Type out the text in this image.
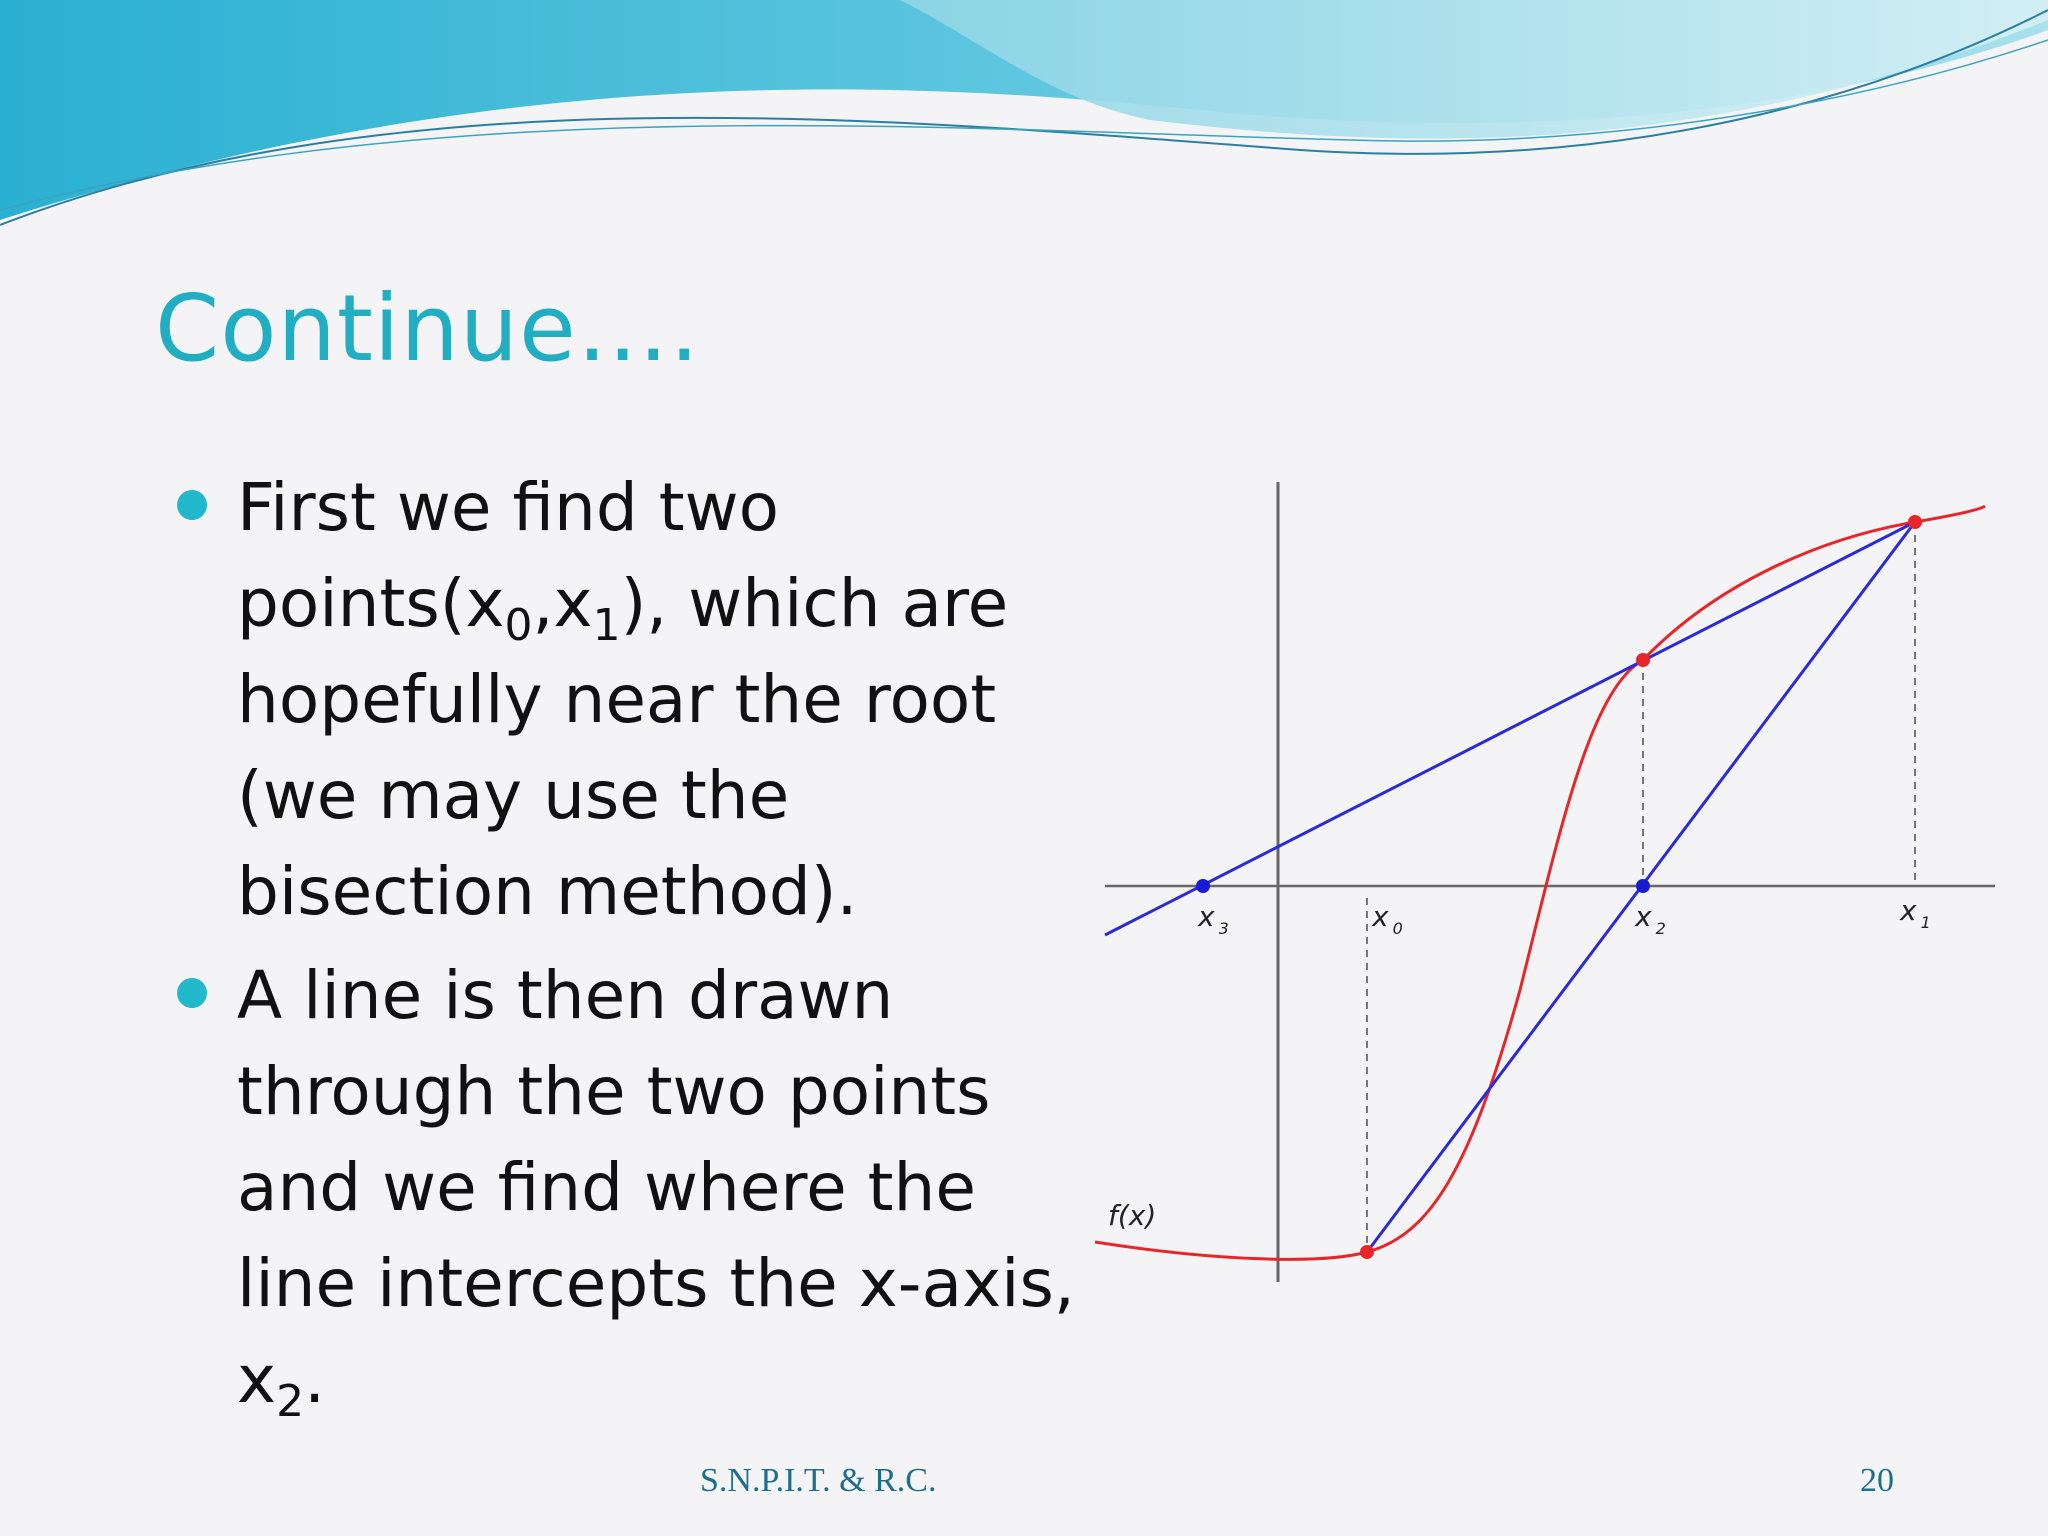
Continue….
First we find two $points(x_0,x_1)$, which are hopefully near the root (we may use the bisection method).
A line is then drawn through the two points and we find where the line intercepts the x-axis, $x_2$.
x $_3$	x $_0$	x $_2$
x $_1$
f(x)
S.N.P.I.T. & R.C.	20
